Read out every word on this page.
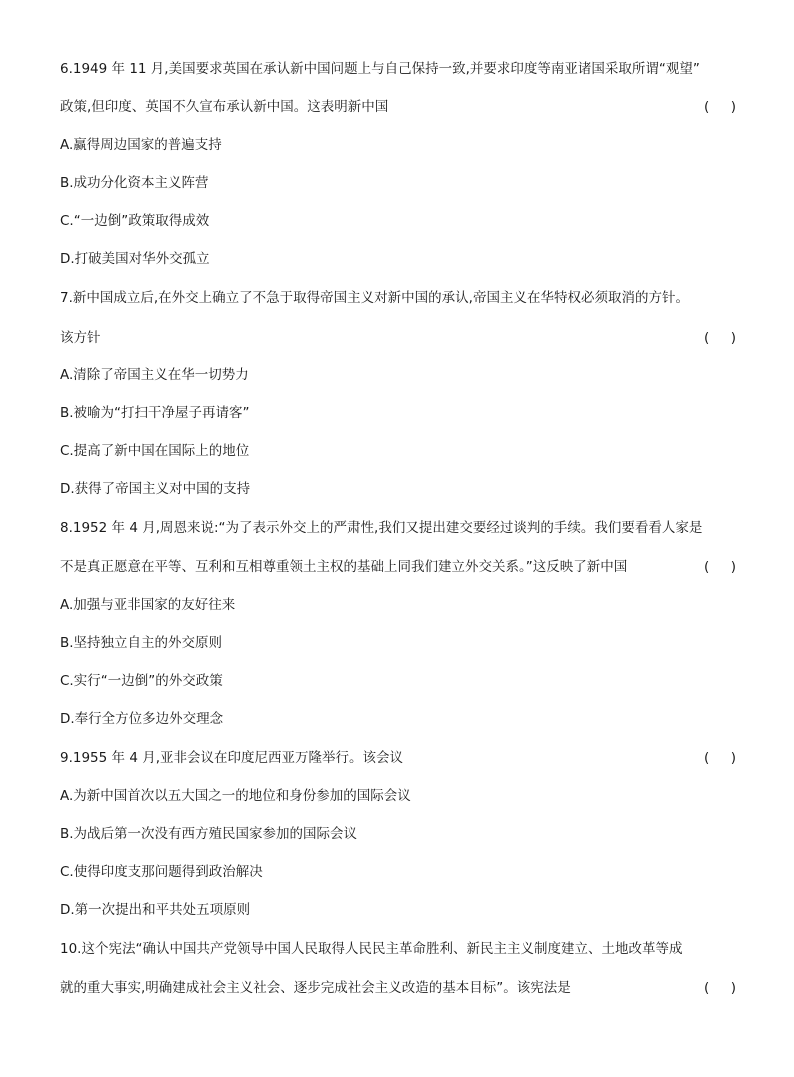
6.1949 年 11 月,美国要求英国在承认新中国问题上与自己保持一致,并要求印度等南亚诸国采取所谓“观望”
政策,但印度、英国不久宣布承认新中国。这表明新中国	(     )
A.赢得周边国家的普遍支持
B.成功分化资本主义阵营
C.“一边倒”政策取得成效
D.打破美国对华外交孤立
7.新中国成立后,在外交上确立了不急于取得帝国主义对新中国的承认,帝国主义在华特权必须取消的方针。
该方针	(     )
A.清除了帝国主义在华一切势力
B.被喻为“打扫干净屋子再请客”
C.提高了新中国在国际上的地位
D.获得了帝国主义对中国的支持
8.1952 年 4 月,周恩来说:“为了表示外交上的严肃性,我们又提出建交要经过谈判的手续。我们要看看人家是
不是真正愿意在平等、互利和互相尊重领土主权的基础上同我们建立外交关系。”这反映了新中国	(     )
A.加强与亚非国家的友好往来
B.坚持独立自主的外交原则
C.实行“一边倒”的外交政策
D.奉行全方位多边外交理念
9.1955 年 4 月,亚非会议在印度尼西亚万隆举行。该会议	(     )
A.为新中国首次以五大国之一的地位和身份参加的国际会议
B.为战后第一次没有西方殖民国家参加的国际会议
C.使得印度支那问题得到政治解决
D.第一次提出和平共处五项原则
10.这个宪法“确认中国共产党领导中国人民取得人民民主革命胜利、新民主主义制度建立、土地改革等成
就的重大事实,明确建成社会主义社会、逐步完成社会主义改造的基本目标”。该宪法是	(     )
